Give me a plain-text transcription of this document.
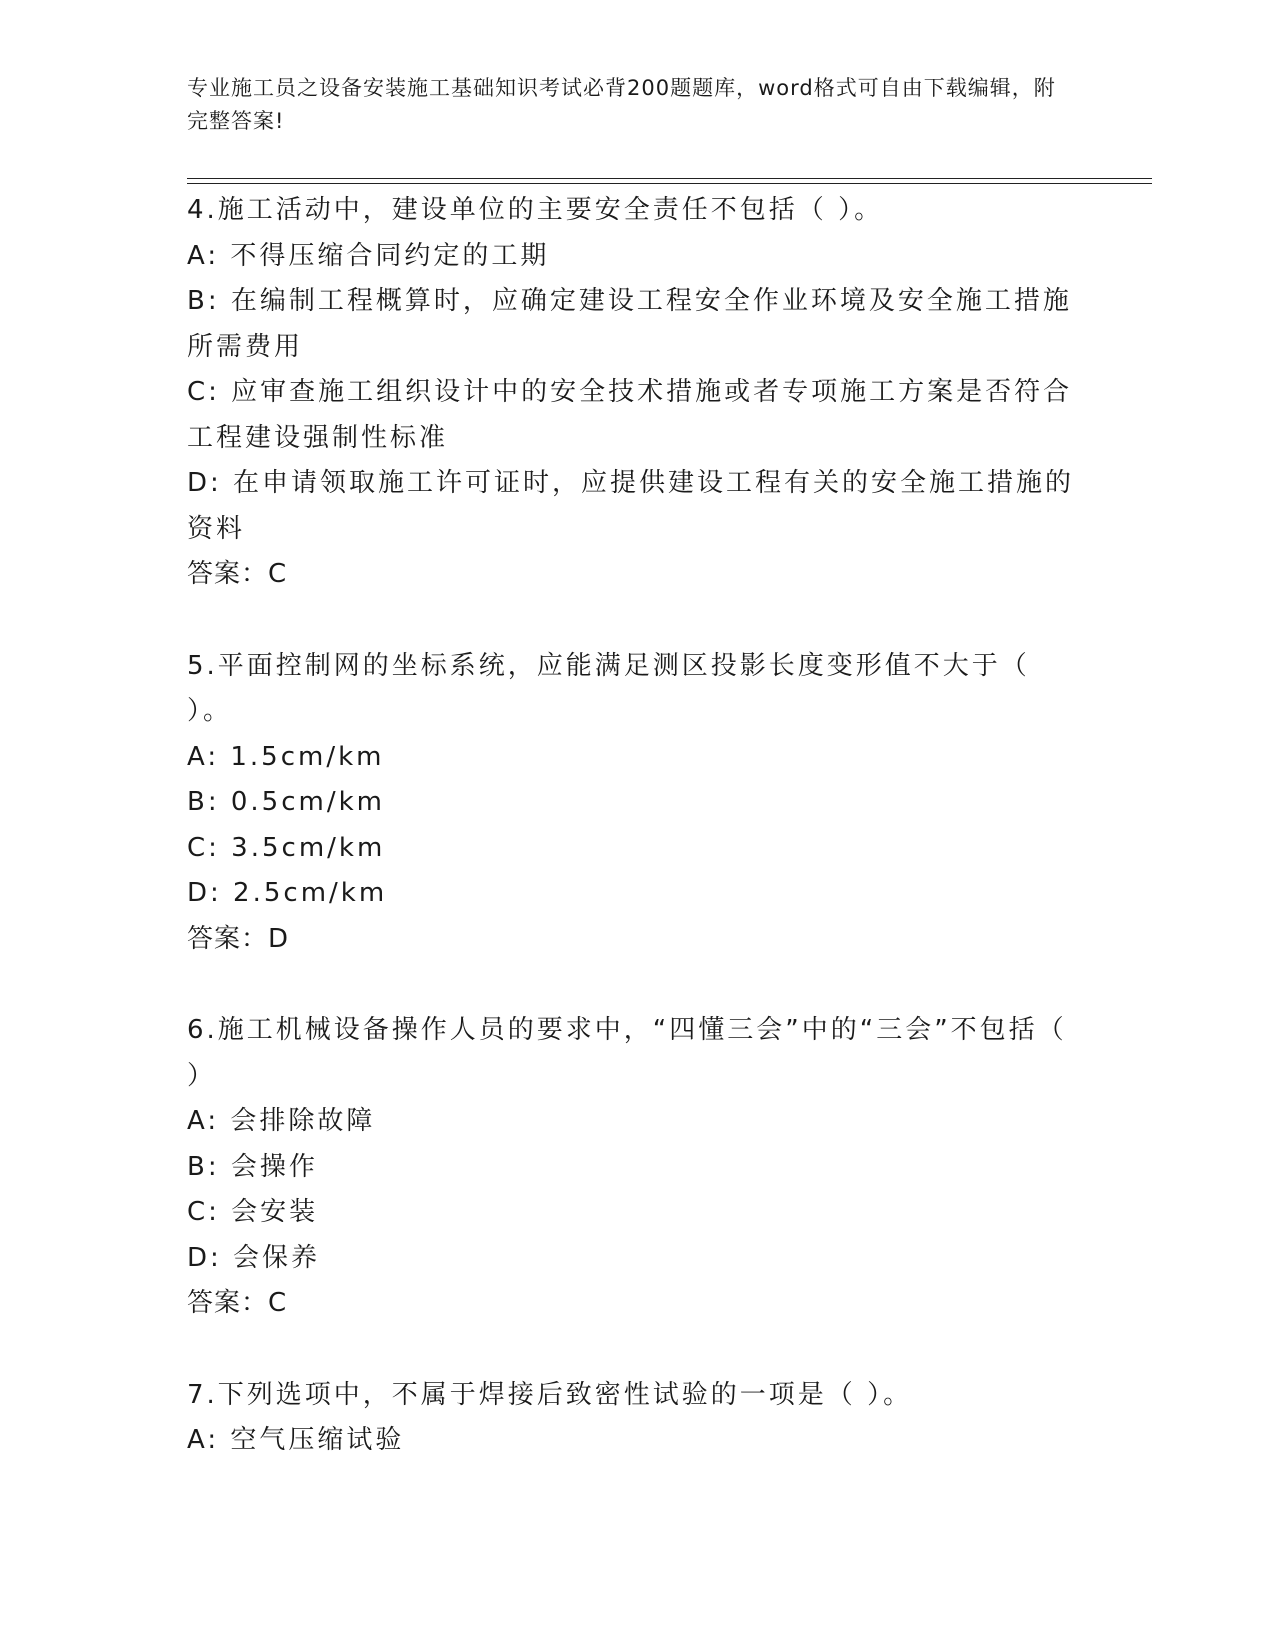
专业施工员之设备安装施工基础知识考试必背200题题库，word格式可自由下载编辑，附完整答案!

4.施工活动中，建设单位的主要安全责任不包括（ ）。

A: 不得压缩合同约定的工期

B: 在编制工程概算时，应确定建设工程安全作业环境及安全施工措施所需费用

C: 应审查施工组织设计中的安全技术措施或者专项施工方案是否符合工程建设强制性标准

D: 在申请领取施工许可证时，应提供建设工程有关的安全施工措施的资料

答案：C

5.平面控制网的坐标系统，应能满足测区投影长度变形值不大于（ ）。

A: 1.5cm/km

B: 0.5cm/km

C: 3.5cm/km

D: 2.5cm/km

答案：D

6.施工机械设备操作人员的要求中，“四懂三会”中的“三会”不包括（ ）

A: 会排除故障

B: 会操作

C: 会安装

D: 会保养

答案：C

7.下列选项中，不属于焊接后致密性试验的一项是（ ）。

A: 空气压缩试验
